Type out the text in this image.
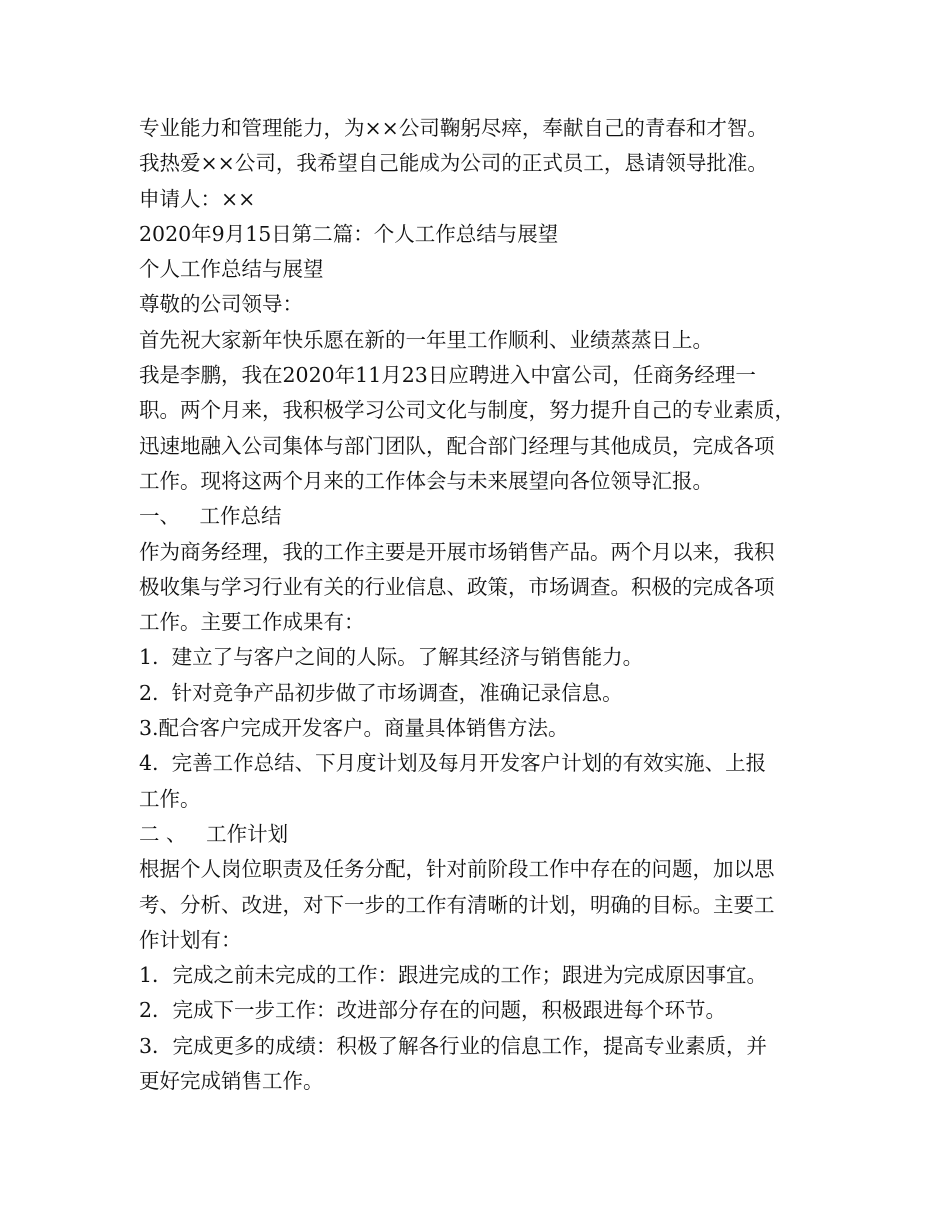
专业能力和管理能力，为××公司鞠躬尽瘁，奉献自己的青春和才智。
我热爱××公司，我希望自己能成为公司的正式员工，恳请领导批准。
申请人：××
2020年9月15日第二篇：个人工作总结与展望
个人工作总结与展望
尊敬的公司领导：
首先祝大家新年快乐愿在新的一年里工作顺利、业绩蒸蒸日上。
我是李鹏，我在2020年11月23日应聘进入中富公司，任商务经理一
职。两个月来，我积极学习公司文化与制度，努力提升自己的专业素质，
迅速地融入公司集体与部门团队，配合部门经理与其他成员，完成各项
工作。现将这两个月来的工作体会与未来展望向各位领导汇报。
一、   工作总结
作为商务经理，我的工作主要是开展市场销售产品。两个月以来，我积
极收集与学习行业有关的行业信息、政策，市场调查。积极的完成各项
工作。主要工作成果有：
1.  建立了与客户之间的人际。了解其经济与销售能力。
2.  针对竞争产品初步做了市场调查，准确记录信息。
3.配合客户完成开发客户。商量具体销售方法。
4.  完善工作总结、下月度计划及每月开发客户计划的有效实施、上报
工作。
二 、   工作计划
根据个人岗位职责及任务分配，针对前阶段工作中存在的问题，加以思
考、分析、改进，对下一步的工作有清晰的计划，明确的目标。主要工
作计划有：
1．完成之前未完成的工作：跟进完成的工作；跟进为完成原因事宜。
2．完成下一步工作：改进部分存在的问题，积极跟进每个环节。
3．完成更多的成绩：积极了解各行业的信息工作，提高专业素质，并
更好完成销售工作。
